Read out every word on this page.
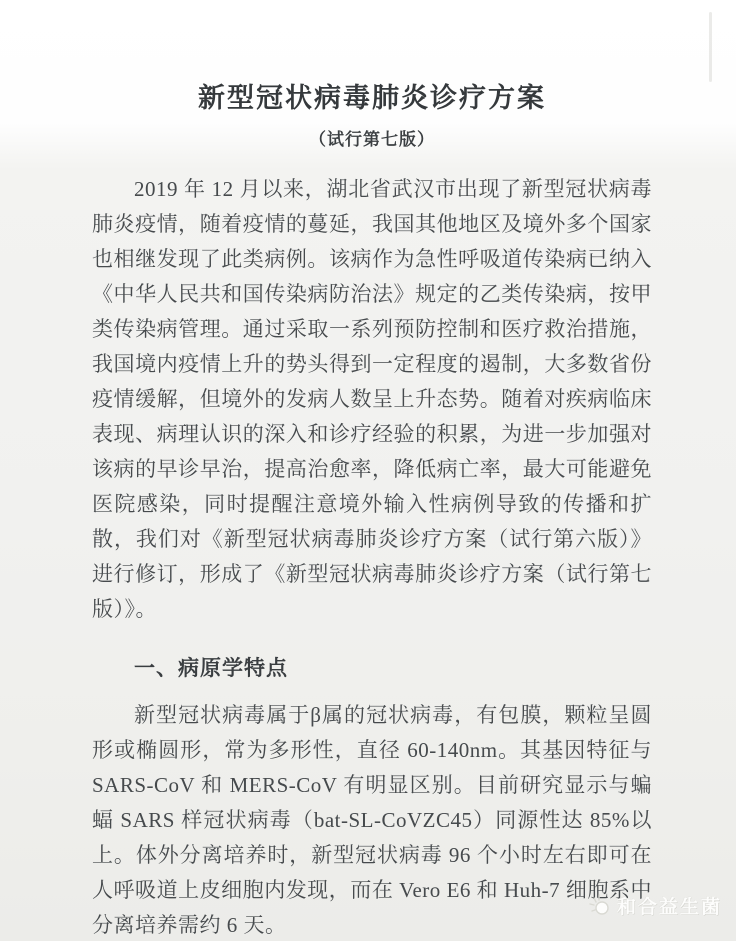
新型冠状病毒肺炎诊疗方案
（试行第七版）

2019 年 12 月以来，湖北省武汉市出现了新型冠状病毒肺炎疫情，随着疫情的蔓延，我国其他地区及境外多个国家也相继发现了此类病例。该病作为急性呼吸道传染病已纳入《中华人民共和国传染病防治法》规定的乙类传染病，按甲类传染病管理。通过采取一系列预防控制和医疗救治措施，我国境内疫情上升的势头得到一定程度的遏制，大多数省份疫情缓解，但境外的发病人数呈上升态势。随着对疾病临床表现、病理认识的深入和诊疗经验的积累，为进一步加强对该病的早诊早治，提高治愈率，降低病亡率，最大可能避免医院感染，同时提醒注意境外输入性病例导致的传播和扩散，我们对《新型冠状病毒肺炎诊疗方案（试行第六版）》进行修订，形成了《新型冠状病毒肺炎诊疗方案（试行第七版）》。

一、病原学特点

新型冠状病毒属于β属的冠状病毒，有包膜，颗粒呈圆形或椭圆形，常为多形性，直径 60-140nm。其基因特征与 SARS-CoV 和 MERS-CoV 有明显区别。目前研究显示与蝙蝠 SARS 样冠状病毒（bat-SL-CoVZC45）同源性达 85%以上。体外分离培养时，新型冠状病毒 96 个小时左右即可在人呼吸道上皮细胞内发现，而在 Vero E6 和 Huh-7 细胞系中分离培养需约 6 天。

和合益生菌
